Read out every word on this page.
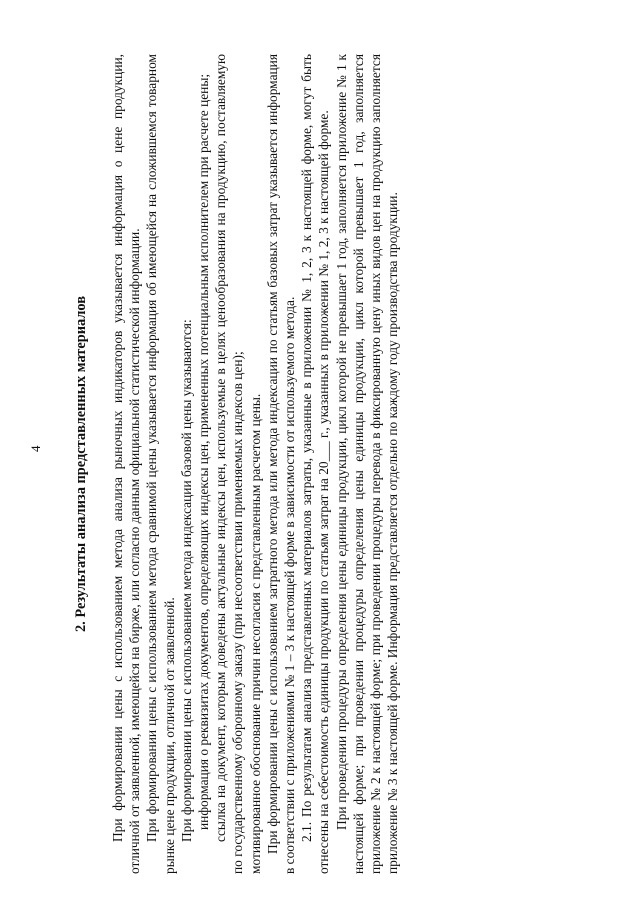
4 2. Результаты анализа представленных материалов При формировании цены с использованием метода анализа рыночных индикаторов указывается информация о цене продукции, отличной от заявленной, имеющейся на бирже, или согласно данным официальной статистической информации. При формировании цены с использованием метода сравнимой цены указывается информация об имеющейся на сложившемся товарном рынке цене продукции, отличной от заявленной. При формировании цены с использованием метода индексации базовой цены указываются: информация о реквизитах документов, определяющих индексы цен, примененных потенциальным исполнителем при расчете цены; ссылка на документ, которым доведены актуальные индексы цен, используемые в целях ценообразования на продукцию, поставляемую по государственному оборонному заказу (при несоответствии применяемых индексов цен); мотивированное обоснование причин несогласия с представленным расчетом цены. При формировании цены с использованием затратного метода или метода индексации по статьям базовых затрат указывается информация в соответствии с приложениями № 1 – 3 к настоящей форме в зависимости от используемого метода. 2.1. По результатам анализа представленных материалов затраты, указанные в приложении № 1, 2, 3 к настоящей форме, могут быть отнесены на себестоимость единицы продукции по статьям затрат на 20___ г., указанных в приложении № 1, 2, 3 к настоящей форме. При проведении процедуры определения цены единицы продукции, цикл которой не превышает 1 год, заполняется приложение № 1 к настоящей форме; при проведении процедуры определения цены единицы продукции, цикл которой превышает 1 год, заполняется приложение № 2 к настоящей форме; при проведении процедуры перевода в фиксированную цену иных видов цен на продукцию заполняется приложение № 3 к настоящей форме. Информация представляется отдельно по каждому году производства продукции.
